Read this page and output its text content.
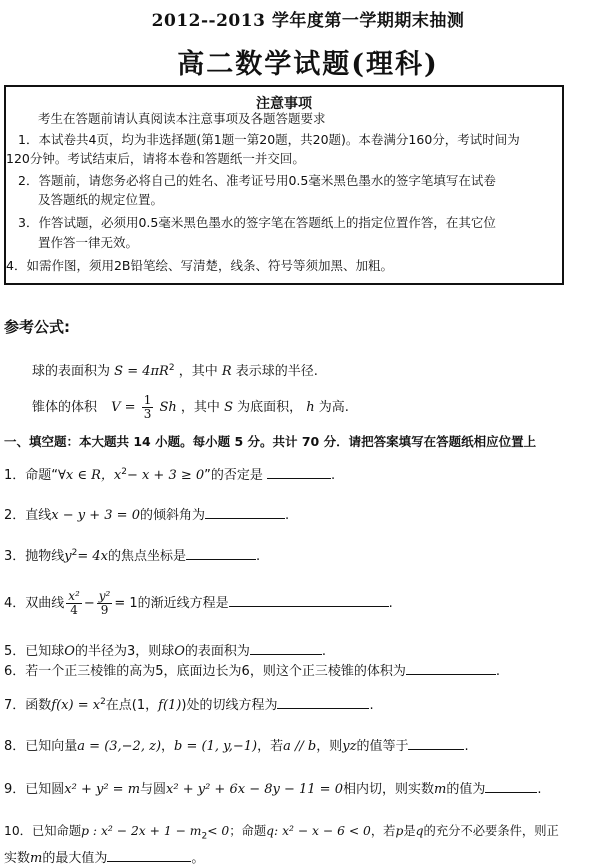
2012--2013 学年度第一学期期末抽测
高二数学试题(理科)
注意事项
考生在答题前请认真阅读本注意事项及各题答题要求
1．本试卷共4页，均为非选择题(第1题一第20题，共20题)。本卷满分160分，考试时间为
120分钟。考试结束后，请将本卷和答题纸一并交回。
2．答题前，请您务必将自己的姓名、准考证号用0.5毫米黑色墨水的签字笔填写在试卷
及答题纸的规定位置。
3．作答试题，必须用0.5毫米黑色墨水的签字笔在答题纸上的指定位置作答，在其它位
置作答一律无效。
4．如需作图，须用2B铅笔绘、写清楚，线条、符号等须加黑、加粗。
参考公式:
球的表面积为 $S = 4\pi R^2$ ，其中 R 表示球的半径.
锥体的体积 $V = \frac{1}{3}$ Sh ，其中 S 为底面积， h 为高.
一、填空题：本大题共 14 小题。每小题 5 分。共计 70 分．请把答案填写在答题纸相应位置上
1．命题“∀x ∈ R，$x^2- x + 3 \ge 0$”的否定是	.
2．直线x − y + 3 = 0的倾斜角为	.
3．抛物线$y^2= 4x$的焦点坐标是	.
4．双曲线 $\frac{\text{x²}}{4} - \frac{\text{y²}}{9} = 1$的渐近线方程是	.
5．已知球O的半径为3，则球O的表面积为	.
6．若一个正三棱锥的高为5，底面边长为6，则这个正三棱锥的体积为	.
7．函数$f(x) = x^2$在点(1，f(1))处的切线方程为	.
8．已知向量a = (3,−2, z)，b = (1, y,−1)，若a // b，则yz的值等于	.
9．已知圆x² + y² = m与圆x² + y² + 6x − 8y − 11 = 0相内切，则实数m的值为	.
10．已知命题p : $x^2 - 2x + 1 - m_2< 0$；命题q: x² − x − 6 < 0，若p是q的充分不必要条件，则正
实数m的最大值为	。
